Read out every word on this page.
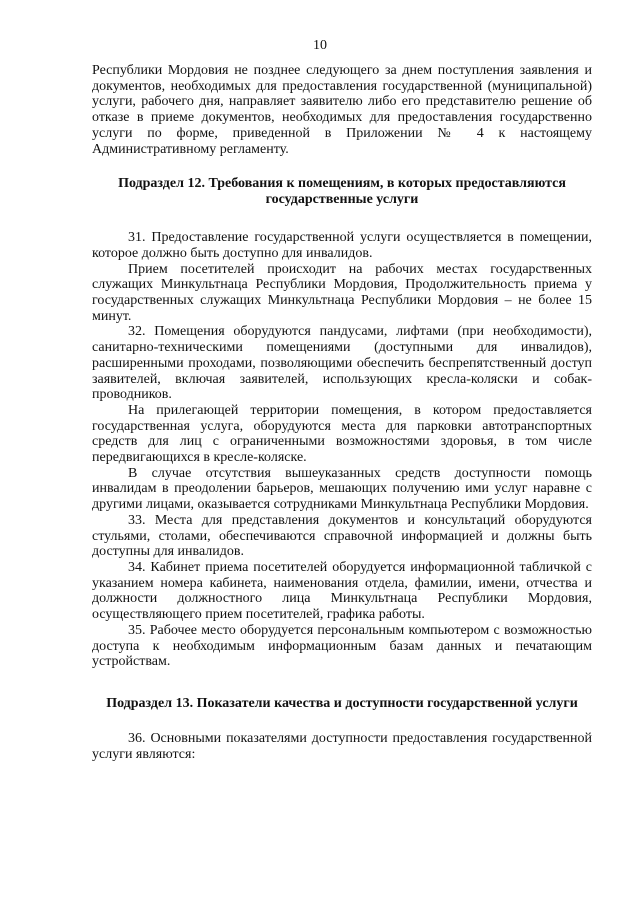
10

Республики Мордовия не позднее следующего за днем поступления заявления и документов, необходимых для предоставления государственной (муниципальной) услуги, рабочего дня, направляет заявителю либо его представителю решение об отказе в приеме документов, необходимых для предоставления государственно услуги по форме, приведенной в Приложении № 4 к настоящему Административному регламенту.

Подраздел 12. Требования к помещениям, в которых предоставляются государственные услуги

31. Предоставление государственной услуги осуществляется в помещении, которое должно быть доступно для инвалидов.

Прием посетителей происходит на рабочих местах государственных служащих Минкультнаца Республики Мордовия, Продолжительность приема у государственных служащих Минкультнаца Республики Мордовия – не более 15 минут.

32. Помещения оборудуются пандусами, лифтами (при необходимости), санитарно-техническими помещениями (доступными для инвалидов), расширенными проходами, позволяющими обеспечить беспрепятственный доступ заявителей, включая заявителей, использующих кресла-коляски и собак-проводников.

На прилегающей территории помещения, в котором предоставляется государственная услуга, оборудуются места для парковки автотранспортных средств для лиц с ограниченными возможностями здоровья, в том числе передвигающихся в кресле-коляске.

В случае отсутствия вышеуказанных средств доступности помощь инвалидам в преодолении барьеров, мешающих получению ими услуг наравне с другими лицами, оказывается сотрудниками Минкультнаца Республики Мордовия.

33. Места для представления документов и консультаций оборудуются стульями, столами, обеспечиваются справочной информацией и должны быть доступны для инвалидов.

34. Кабинет приема посетителей оборудуется информационной табличкой с указанием номера кабинета, наименования отдела, фамилии, имени, отчества и должности должностного лица Минкультнаца Республики Мордовия, осуществляющего прием посетителей, графика работы.

35. Рабочее место оборудуется персональным компьютером с возможностью доступа к необходимым информационным базам данных и печатающим устройствам.

Подраздел 13. Показатели качества и доступности государственной услуги

36. Основными показателями доступности предоставления государственной услуги являются:
